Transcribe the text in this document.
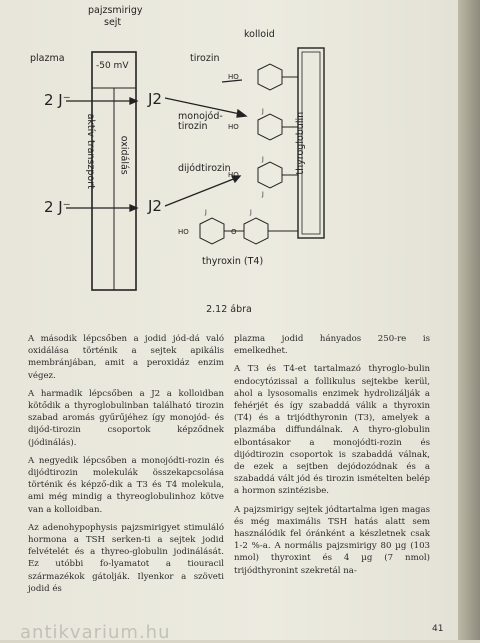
HO
HO
HO
HO
J
J
J
J	J
O
pajzsmirigy
sejt
kolloid
plazma	tirozin
-50 mV
2 J⁻	J2
monojód-
tirozin
aktív transzport oxidálás	dijódtirozin	thyroglobulin
2 J⁻	J2
thyroxin (T4)
2.12 ábra

A második lépcsőben a jodid jód-dá való oxidálása történik a sejtek apikális membránjában, amit a peroxidáz enzim végez.

A harmadik lépcsőben a J2 a kolloidban kötődik a thyroglobulinban található tirozin szabad aromás gyűrűjéhez így monojód- és dijód-tirozin csoportok képződnek (jódinálás).

A negyedik lépcsőben a monojódti-rozin és dijódtirozin molekulák összekapcsolása történik és képző-dik a T3 és T4 molekula, ami még mindig a thyreoglobulinhoz kötve van a kolloidban.

Az adenohypophysis pajzsmirigyet stimuláló hormona a TSH serken-ti a sejtek jodid felvételét és a thyreo-globulin jodinálását. Ez utóbbi fo-lyamatot a tiouracil származékok gátolják. Ilyenkor a szöveti jodid és

plazma jodid hányados 250-re is emelkedhet.

A T3 és T4-et tartalmazó thyroglo-bulin endocytózissal a follikulus sejtekbe kerül, ahol a lysosomalis enzimek hydrolizálják a fehérjét és így szabaddá válik a thyroxin (T4) és a trijódthyronin (T3), amelyek a plazmába diffundálnak. A thyro-globulin elbontásakor a monojódti-rozin és dijódtirozin csoportok is szabaddá válnak, de ezek a sejtben dejódozódnak és a szabaddá vált jód és tirozin ismételten belép a hormon szintézisbe.

A pajzsmirigy sejtek jódtartalma igen magas és még maximális TSH hatás alatt sem használódik fel óránként a készletnek csak 1-2 %-a. A normális pajzsmirigy 80 µg (103 nmol) thyroxint és 4 µg (7 nmol) trijódthyronint szekretál na-

antikvarium.hu	41
